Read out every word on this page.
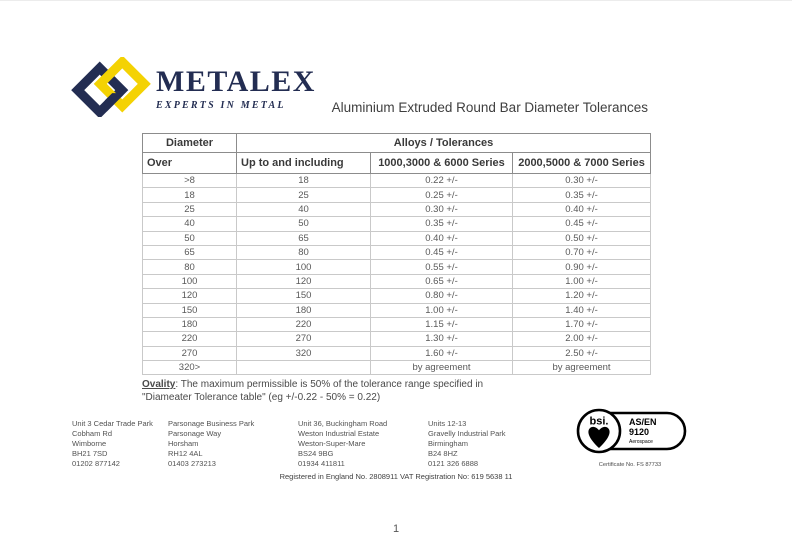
METALEX
EXPERTS IN METAL	Aluminium Extruded Round Bar Diameter Tolerances
Diameter	Alloys / Tolerances		
Over	Up to and including	1000,3000 & 6000 Series	2000,5000 & 7000 Series
>8	18	0.22 +/-	0.30 +/-
18	25	0.25 +/-	0.35 +/-
25	40	0.30 +/-	0.40 +/-
40	50	0.35 +/-	0.45 +/-
50	65	0.40 +/-	0.50 +/-
65	80	0.45 +/-	0.70 +/-
80	100	0.55 +/-	0.90 +/-
100	120	0.65 +/-	1.00 +/-
120	150	0.80 +/-	1.20 +/-
150	180	1.00 +/-	1.40 +/-
180	220	1.15 +/-	1.70 +/-
220	270	1.30 +/-	2.00 +/-
270	320	1.60 +/-	2.50 +/-
320>		by agreement	by agreement
Ovality: The maximum permissible is 50% of the tolerance range specified in
"Diameater Tolerance table" (eg +/-0.22 - 50% = 0.22)
Unit 3 Cedar Trade Park
Cobham Rd
Wimborne
BH21 7SD
01202 877142
Parsonage Business Park
Parsonage Way
Horsham
RH12 4AL
01403 273213
Unit 36, Buckingham Road
Weston Industrial Estate
Weston-Super-Mare
BS24 9BG
01934 411811
Units 12-13
Gravelly Industrial Park
Birmingham
B24 8HZ
0121 326 6888
Registered in England No. 2808911 VAT Registration No: 619 5638 11
bsi. AS/EN
9120
Aerospace
Certificate No. FS 87733
1
